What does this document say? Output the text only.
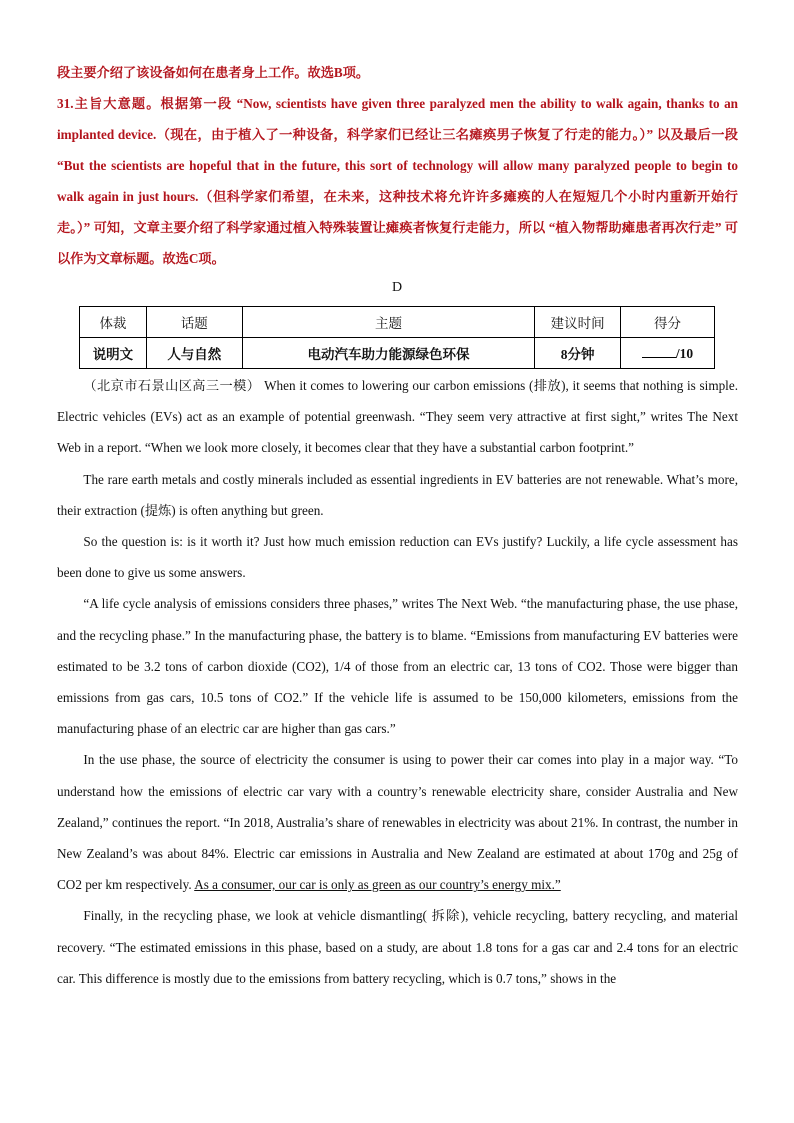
段主要介绍了该设备如何在患者身上工作。故选B项。

31.主旨大意题。根据第一段 “Now, scientists have given three paralyzed men the ability to walk again, thanks to an implanted device.（现在，由于植入了一种设备，科学家们已经让三名瘫痪男子恢复了行走的能力。）” 以及最后一段 “But the scientists are hopeful that in the future, this sort of technology will allow many paralyzed people to begin to walk again in just hours.（但科学家们希望，在未来，这种技术将允许许多瘫痪的人在短短几个小时内重新开始行走。）” 可知，文章主要介绍了科学家通过植入特殊装置让瘫痪者恢复行走能力，所以 “植入物帮助瘫患者再次行走” 可以作为文章标题。故选C项。

D
体裁	话题	主题	建议时间	得分
说明文	人与自然	电动汽车助力能源绿色环保	8分钟	/10

（北京市石景山区高三一模） When it comes to lowering our carbon emissions (排放), it seems that nothing is simple. Electric vehicles (EVs) act as an example of potential greenwash. “They seem very attractive at first sight,” writes The Next Web in a report. “When we look more closely, it becomes clear that they have a substantial carbon footprint.”

The rare earth metals and costly minerals included as essential ingredients in EV batteries are not renewable. What’s more, their extraction (提炼) is often anything but green.

So the question is: is it worth it? Just how much emission reduction can EVs justify? Luckily, a life cycle assessment has been done to give us some answers.

“A life cycle analysis of emissions considers three phases,” writes The Next Web. “the manufacturing phase, the use phase, and the recycling phase.” In the manufacturing phase, the battery is to blame. “Emissions from manufacturing EV batteries were estimated to be 3.2 tons of carbon dioxide (CO2), 1/4 of those from an electric car, 13 tons of CO2. Those were bigger than emissions from gas cars, 10.5 tons of CO2.” If the vehicle life is assumed to be 150,000 kilometers, emissions from the manufacturing phase of an electric car are higher than gas cars.”

In the use phase, the source of electricity the consumer is using to power their car comes into play in a major way. “To understand how the emissions of electric car vary with a country’s renewable electricity share, consider Australia and New Zealand,” continues the report. “In 2018, Australia’s share of renewables in electricity was about 21%. In contrast, the number in New Zealand’s was about 84%. Electric car emissions in Australia and New Zealand are estimated at about 170g and 25g of CO2 per km respectively. As a consumer, our car is only as green as our country’s energy mix.”

Finally, in the recycling phase, we look at vehicle dismantling( 拆除), vehicle recycling, battery recycling, and material recovery. “The estimated emissions in this phase, based on a study, are about 1.8 tons for a gas car and 2.4 tons for an electric car. This difference is mostly due to the emissions from battery recycling, which is 0.7 tons,” shows in the
